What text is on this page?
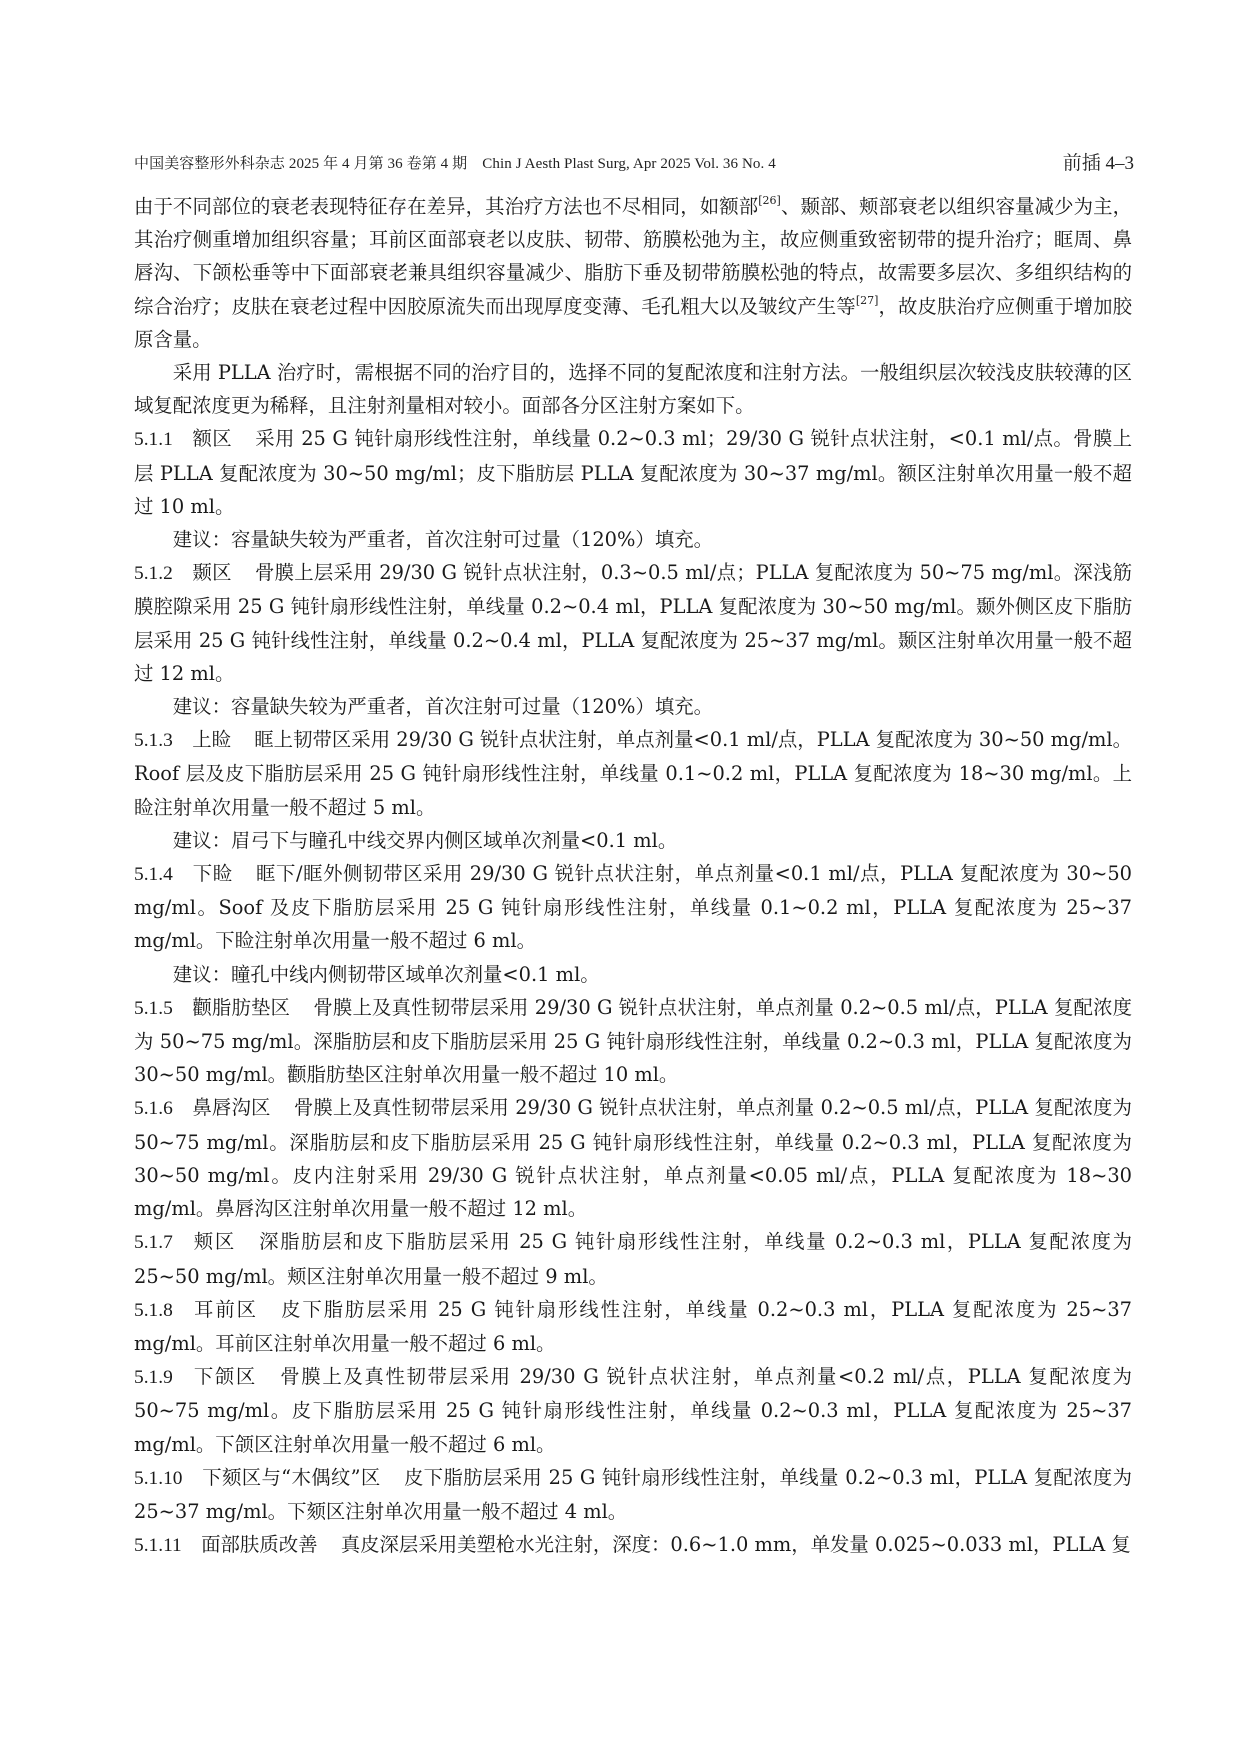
中国美容整形外科杂志 2025 年 4 月第 36 卷第 4 期　Chin J Aesth Plast Surg, Apr 2025 Vol. 36 No. 4	前插 4–3

由于不同部位的衰老表现特征存在差异，其治疗方法也不尽相同，如额部[26]、颞部、颊部衰老以组织容量减少为主，其治疗侧重增加组织容量；耳前区面部衰老以皮肤、韧带、筋膜松弛为主，故应侧重致密韧带的提升治疗；眶周、鼻唇沟、下颌松垂等中下面部衰老兼具组织容量减少、脂肪下垂及韧带筋膜松弛的特点，故需要多层次、多组织结构的综合治疗；皮肤在衰老过程中因胶原流失而出现厚度变薄、毛孔粗大以及皱纹产生等[27]，故皮肤治疗应侧重于增加胶原含量。

采用 PLLA 治疗时，需根据不同的治疗目的，选择不同的复配浓度和注射方法。一般组织层次较浅皮肤较薄的区域复配浓度更为稀释，且注射剂量相对较小。面部各分区注射方案如下。

5.1.1 额区 采用 25 G 钝针扇形线性注射，单线量 0.2~0.3 ml；29/30 G 锐针点状注射，<0.1 ml/点。骨膜上层 PLLA 复配浓度为 30~50 mg/ml；皮下脂肪层 PLLA 复配浓度为 30~37 mg/ml。额区注射单次用量一般不超过 10 ml。

建议：容量缺失较为严重者，首次注射可过量（120%）填充。

5.1.2 颞区 骨膜上层采用 29/30 G 锐针点状注射，0.3~0.5 ml/点；PLLA 复配浓度为 50~75 mg/ml。深浅筋膜腔隙采用 25 G 钝针扇形线性注射，单线量 0.2~0.4 ml，PLLA 复配浓度为 30~50 mg/ml。颞外侧区皮下脂肪层采用 25 G 钝针线性注射，单线量 0.2~0.4 ml，PLLA 复配浓度为 25~37 mg/ml。颞区注射单次用量一般不超过 12 ml。

建议：容量缺失较为严重者，首次注射可过量（120%）填充。

5.1.3 上睑 眶上韧带区采用 29/30 G 锐针点状注射，单点剂量<0.1 ml/点，PLLA 复配浓度为 30~50 mg/ml。Roof 层及皮下脂肪层采用 25 G 钝针扇形线性注射，单线量 0.1~0.2 ml，PLLA 复配浓度为 18~30 mg/ml。上睑注射单次用量一般不超过 5 ml。

建议：眉弓下与瞳孔中线交界内侧区域单次剂量<0.1 ml。

5.1.4 下睑 眶下/眶外侧韧带区采用 29/30 G 锐针点状注射，单点剂量<0.1 ml/点，PLLA 复配浓度为 30~50 mg/ml。Soof 及皮下脂肪层采用 25 G 钝针扇形线性注射，单线量 0.1~0.2 ml，PLLA 复配浓度为 25~37 mg/ml。下睑注射单次用量一般不超过 6 ml。

建议：瞳孔中线内侧韧带区域单次剂量<0.1 ml。

5.1.5 颧脂肪垫区 骨膜上及真性韧带层采用 29/30 G 锐针点状注射，单点剂量 0.2~0.5 ml/点，PLLA 复配浓度为 50~75 mg/ml。深脂肪层和皮下脂肪层采用 25 G 钝针扇形线性注射，单线量 0.2~0.3 ml，PLLA 复配浓度为 30~50 mg/ml。颧脂肪垫区注射单次用量一般不超过 10 ml。

5.1.6 鼻唇沟区 骨膜上及真性韧带层采用 29/30 G 锐针点状注射，单点剂量 0.2~0.5 ml/点，PLLA 复配浓度为 50~75 mg/ml。深脂肪层和皮下脂肪层采用 25 G 钝针扇形线性注射，单线量 0.2~0.3 ml，PLLA 复配浓度为 30~50 mg/ml。皮内注射采用 29/30 G 锐针点状注射，单点剂量<0.05 ml/点，PLLA 复配浓度为 18~30 mg/ml。鼻唇沟区注射单次用量一般不超过 12 ml。

5.1.7 颊区 深脂肪层和皮下脂肪层采用 25 G 钝针扇形线性注射，单线量 0.2~0.3 ml，PLLA 复配浓度为 25~50 mg/ml。颊区注射单次用量一般不超过 9 ml。

5.1.8 耳前区 皮下脂肪层采用 25 G 钝针扇形线性注射，单线量 0.2~0.3 ml，PLLA 复配浓度为 25~37 mg/ml。耳前区注射单次用量一般不超过 6 ml。

5.1.9 下颌区 骨膜上及真性韧带层采用 29/30 G 锐针点状注射，单点剂量<0.2 ml/点，PLLA 复配浓度为 50~75 mg/ml。皮下脂肪层采用 25 G 钝针扇形线性注射，单线量 0.2~0.3 ml，PLLA 复配浓度为 25~37 mg/ml。下颌区注射单次用量一般不超过 6 ml。

5.1.10 下颏区与“木偶纹”区 皮下脂肪层采用 25 G 钝针扇形线性注射，单线量 0.2~0.3 ml，PLLA 复配浓度为 25~37 mg/ml。下颏区注射单次用量一般不超过 4 ml。

5.1.11 面部肤质改善 真皮深层采用美塑枪水光注射，深度：0.6~1.0 mm，单发量 0.025~0.033 ml，PLLA 复
